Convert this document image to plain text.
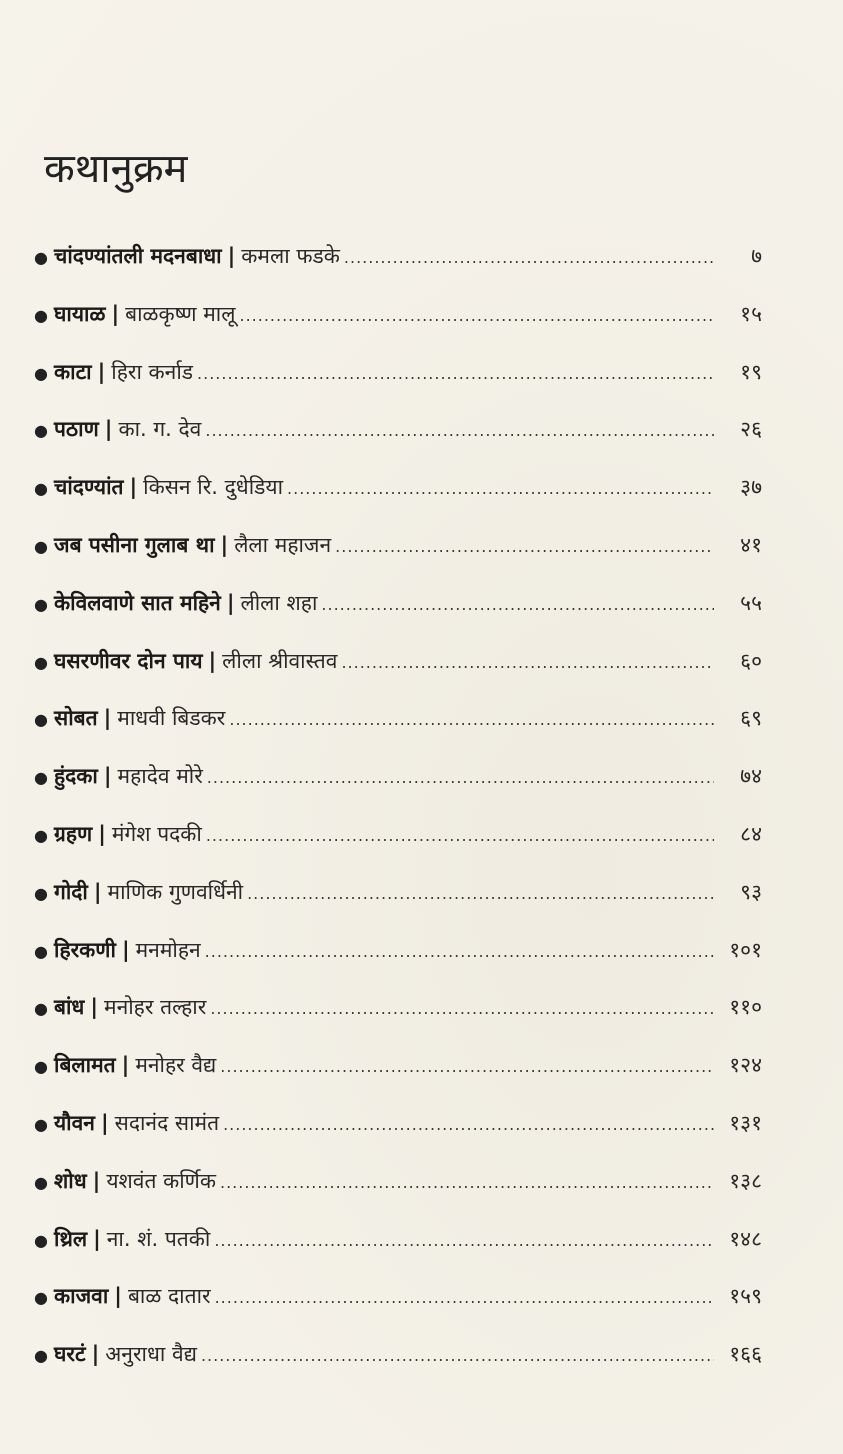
कथानुक्रम
● चांदण्यांतली मदनबाधा | कमला फडके .....	७
● घायाळ | बाळकृष्ण मालू .....	१५
● काटा | हिरा कर्नाड .....	१९
● पठाण | का. ग. देव .....	२६
● चांदण्यांत | किसन रि. दुधेडिया .....	३७
● जब पसीना गुलाब था | लैला महाजन .....	४१
● केविलवाणे सात महिने | लीला शहा .....	५५
● घसरणीवर दोन पाय | लीला श्रीवास्तव .....	६०
● सोबत | माधवी बिडकर .....	६९
● हुंदका | महादेव मोरे .....	७४
● ग्रहण | मंगेश पदकी .....	८४
● गोदी | माणिक गुणवर्धिनी .....	९३
● हिरकणी | मनमोहन .....	१०१
● बांध | मनोहर तल्हार .....	११०
● बिलामत | मनोहर वैद्य .....	१२४
● यौवन | सदानंद सामंत .....	१३१
● शोध | यशवंत कर्णिक .....	१३८
● थ्रिल | ना. शं. पतकी .....	१४८
● काजवा | बाळ दातार .....	१५९
● घरटं | अनुराधा वैद्य .....	१६६
